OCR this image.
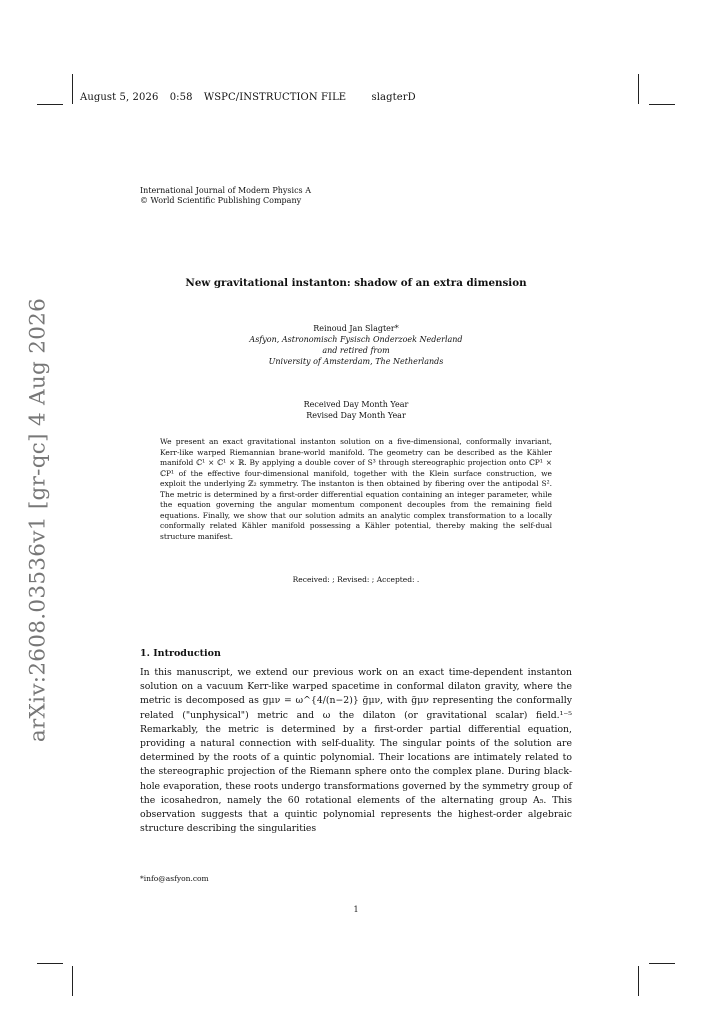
August 5, 2026 0:58 WSPC/INSTRUCTION FILE	slagterD
arXiv:2608.03536v1 [gr-qc] 4 Aug 2026
International Journal of Modern Physics A
© World Scientific Publishing Company
New gravitational instanton: shadow of an extra dimension
Reinoud Jan Slagter*
Asfyon, Astronomisch Fysisch Onderzoek Nederland
and retired from
University of Amsterdam, The Netherlands
Received Day Month Year
Revised Day Month Year
We present an exact gravitational instanton solution on a five-dimensional, conformally invariant, Kerr-like warped Riemannian brane-world manifold. The geometry can be described as the Kähler manifold ℂ¹ × ℂ¹ × ℝ. By applying a double cover of S³ through stereographic projection onto ℂP¹ × ℂP¹ of the effective four-dimensional manifold, together with the Klein surface construction, we exploit the underlying ℤ₂ symmetry. The instanton is then obtained by fibering over the antipodal S². The metric is determined by a first-order differential equation containing an integer parameter, while the equation governing the angular momentum component decouples from the remaining field equations. Finally, we show that our solution admits an analytic complex transformation to a locally conformally related Kähler manifold possessing a Kähler potential, thereby making the self-dual structure manifest.
Received: ; Revised: ; Accepted: .
1. Introduction
In this manuscript, we extend our previous work on an exact time-dependent instanton solution on a vacuum Kerr-like warped spacetime in conformal dilaton gravity, where the metric is decomposed as gμν = ω^{4/(n−2)} g̃μν, with g̃μν representing the conformally related ("unphysical") metric and ω the dilaton (or gravitational scalar) field.¹⁻⁵ Remarkably, the metric is determined by a first-order partial differential equation, providing a natural connection with self-duality. The singular points of the solution are determined by the roots of a quintic polynomial. Their locations are intimately related to the stereographic projection of the Riemann sphere onto the complex plane. During black-hole evaporation, these roots undergo transformations governed by the symmetry group of the icosahedron, namely the 60 rotational elements of the alternating group A₅. This observation suggests that a quintic polynomial represents the highest-order algebraic structure describing the singularities
*info@asfyon.com
1
